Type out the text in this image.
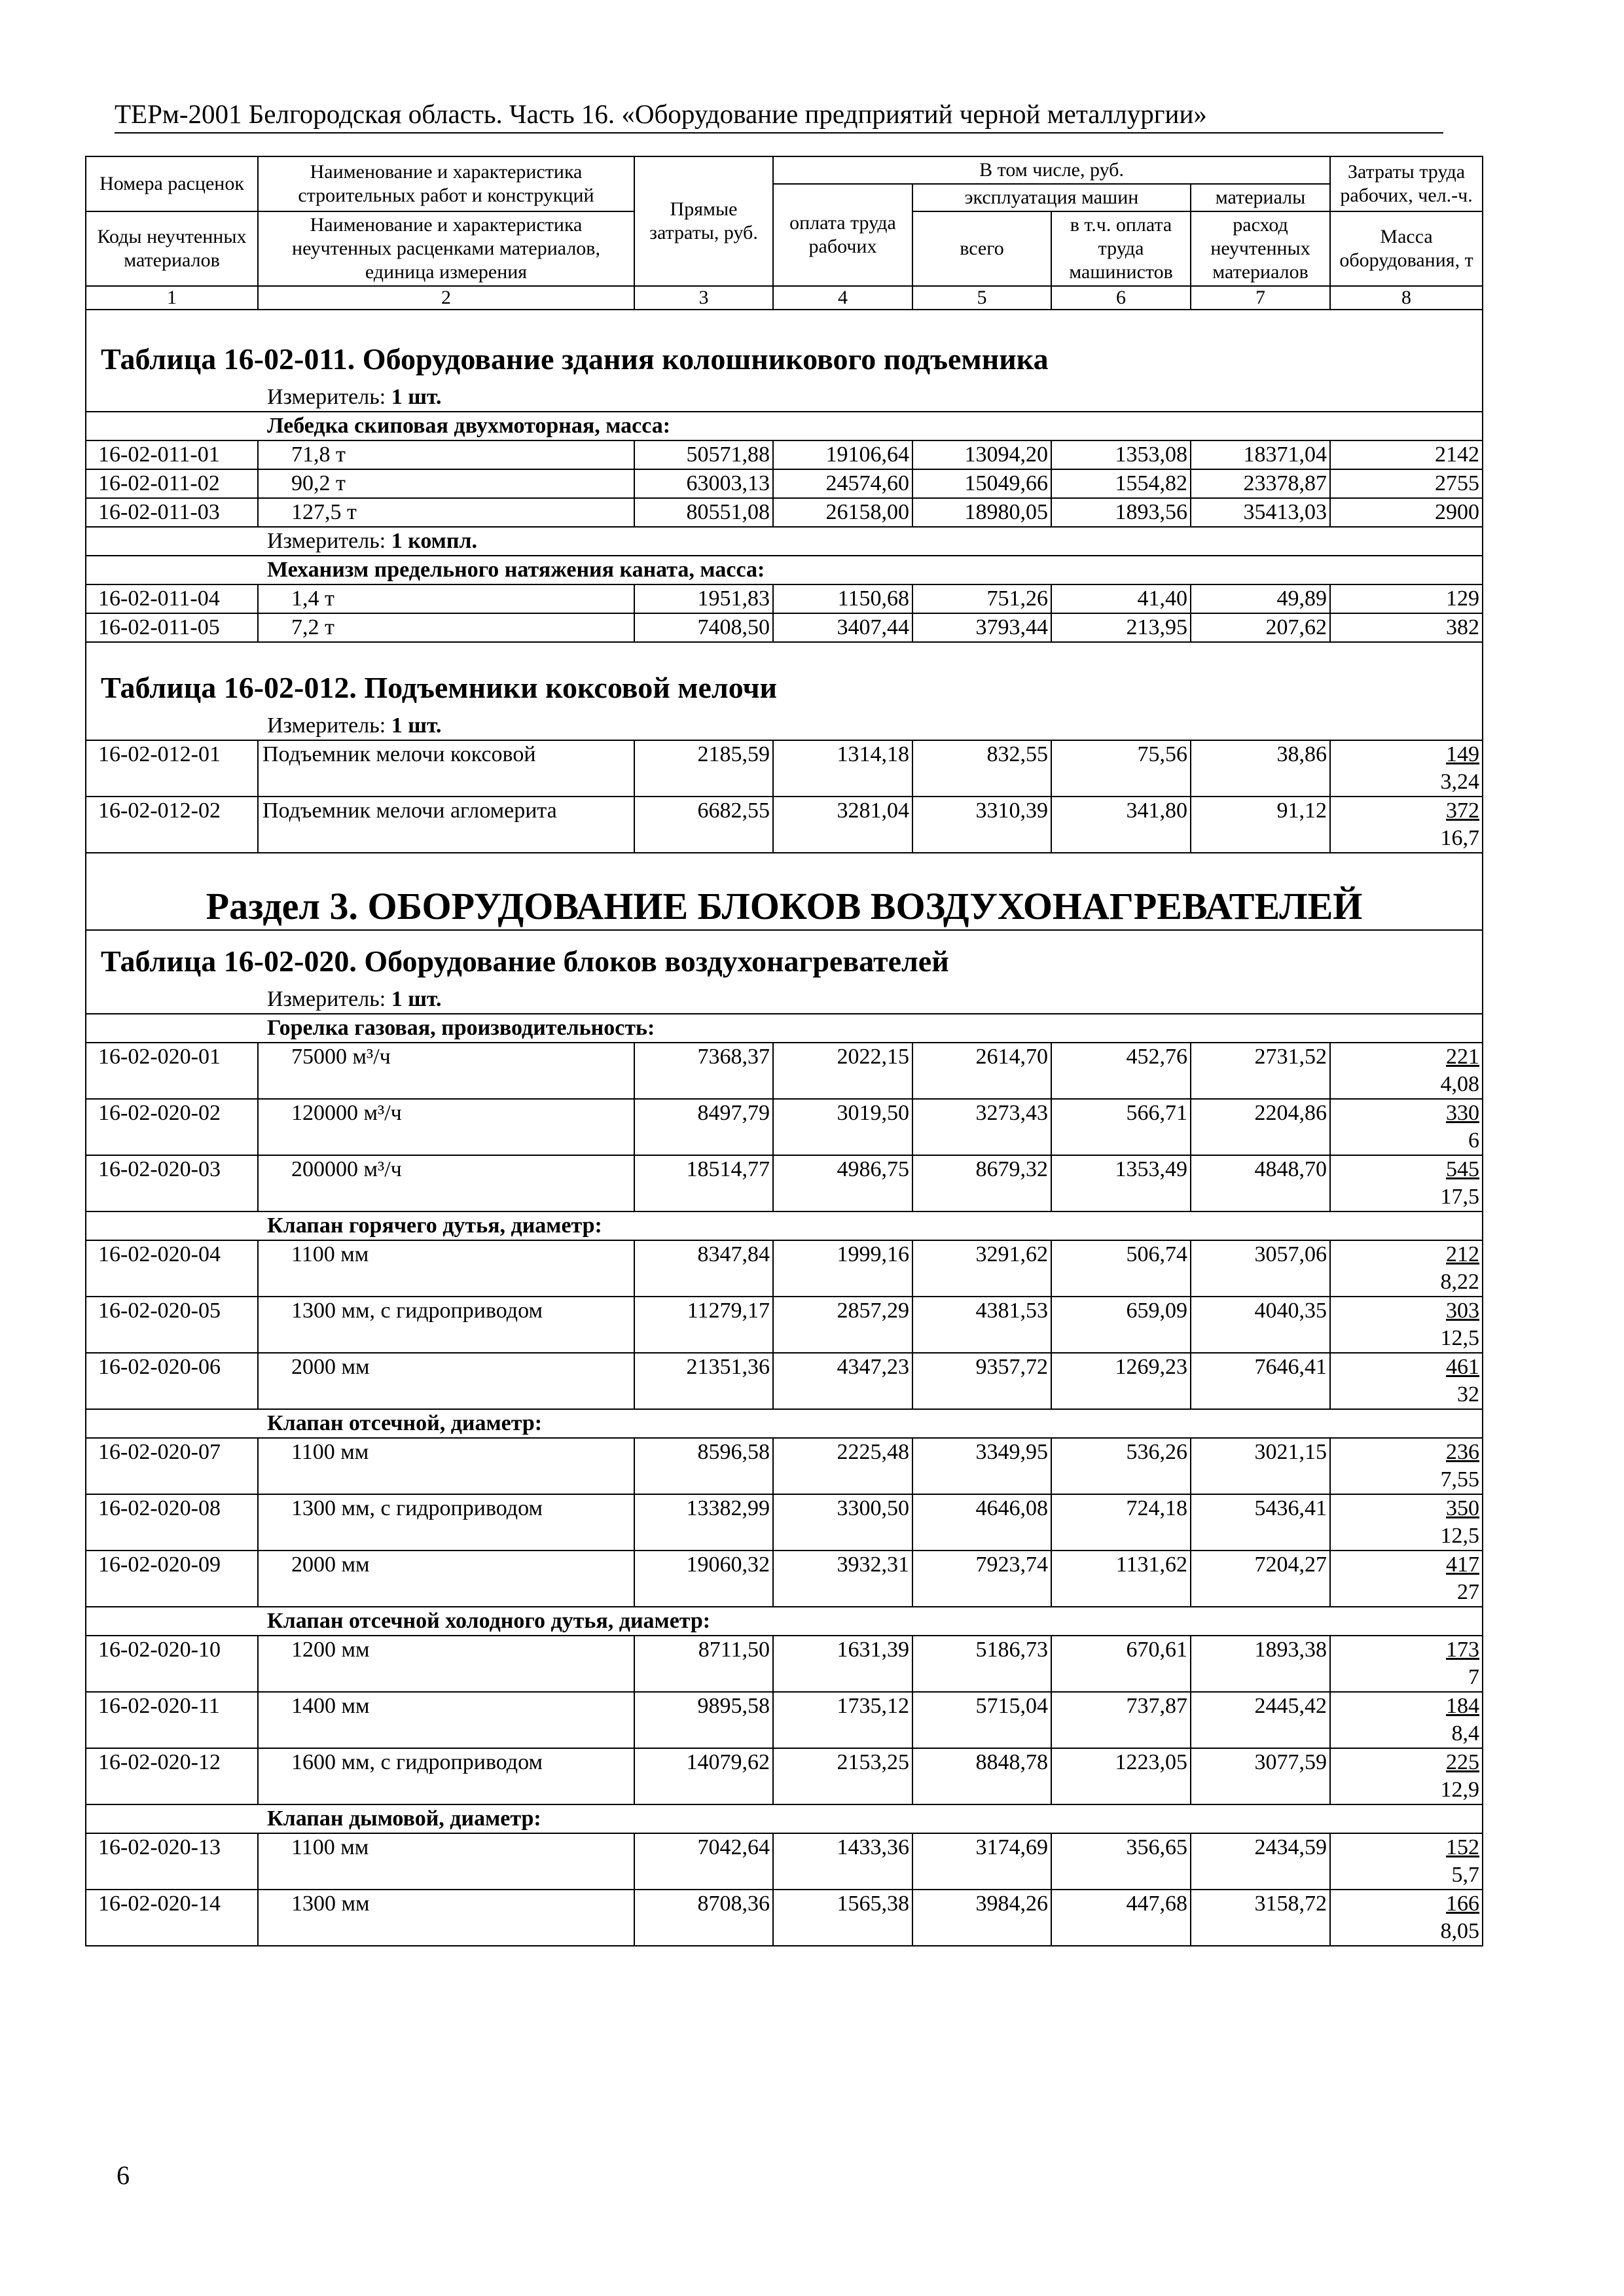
ТЕРм-2001 Белгородская область. Часть 16. «Оборудование предприятий черной металлургии»
Номера расценок	Наименование и характеристика строительных работ и конструкций	Прямые затраты, руб.	В том числе, руб.				Затраты труда рабочих, чел.-ч.
			оплата труда рабочих	эксплуатация машин		материалы	
Коды неучтенных материалов	Наименование и характеристика неучтенных расценками материалов, единица измерения			всего	в т.ч. оплата труда машинистов	расход неучтенных материалов	
							Масса оборудования, т
1	2	3	4	5	6	7	8
Таблица 16-02-011. Оборудование здания колошникового подъемника							
Измеритель: 1 шт.							
Лебедка скиповая двухмоторная, масса:							
16-02-011-01	71,8 т	50571,88	19106,64	13094,20	1353,08	18371,04	2142

16-02-011-02	90,2 т	63003,13	24574,60	15049,66	1554,82	23378,87	2755

16-02-011-03	127,5 т	80551,08	26158,00	18980,05	1893,56	35413,03	2900

Измеритель: 1 компл.							
Механизм предельного натяжения каната, масса:							
16-02-011-04	1,4 т	1951,83	1150,68	751,26	41,40	49,89	129

16-02-011-05	7,2 т	7408,50	3407,44	3793,44	213,95	207,62	382

Таблица 16-02-012. Подъемники коксовой мелочи							
Измеритель: 1 шт.							
16-02-012-01	Подъемник мелочи коксовой	2185,59	1314,18	832,55	75,56	38,86	149
3,24

16-02-012-02	Подъемник мелочи агломерита	6682,55	3281,04	3310,39	341,80	91,12	372
16,7

Раздел 3. ОБОРУДОВАНИЕ БЛОКОВ ВОЗДУХОНАГРЕВАТЕЛЕЙ							
Таблица 16-02-020. Оборудование блоков воздухонагревателей							
Измеритель: 1 шт.							
Горелка газовая, производительность:							
16-02-020-01	75000 м³/ч	7368,37	2022,15	2614,70	452,76	2731,52	221
4,08

16-02-020-02	120000 м³/ч	8497,79	3019,50	3273,43	566,71	2204,86	330
6

16-02-020-03	200000 м³/ч	18514,77	4986,75	8679,32	1353,49	4848,70	545
17,5

Клапан горячего дутья, диаметр:							
16-02-020-04	1100 мм	8347,84	1999,16	3291,62	506,74	3057,06	212
8,22

16-02-020-05	1300 мм, с гидроприводом	11279,17	2857,29	4381,53	659,09	4040,35	303
12,5

16-02-020-06	2000 мм	21351,36	4347,23	9357,72	1269,23	7646,41	461
32

Клапан отсечной, диаметр:							
16-02-020-07	1100 мм	8596,58	2225,48	3349,95	536,26	3021,15	236
7,55

16-02-020-08	1300 мм, с гидроприводом	13382,99	3300,50	4646,08	724,18	5436,41	350
12,5

16-02-020-09	2000 мм	19060,32	3932,31	7923,74	1131,62	7204,27	417
27

Клапан отсечной холодного дутья, диаметр:							
16-02-020-10	1200 мм	8711,50	1631,39	5186,73	670,61	1893,38	173
7

16-02-020-11	1400 мм	9895,58	1735,12	5715,04	737,87	2445,42	184
8,4

16-02-020-12	1600 мм, с гидроприводом	14079,62	2153,25	8848,78	1223,05	3077,59	225
12,9

Клапан дымовой, диаметр:							
16-02-020-13	1100 мм	7042,64	1433,36	3174,69	356,65	2434,59	152
5,7

16-02-020-14	1300 мм	8708,36	1565,38	3984,26	447,68	3158,72	166
8,05
6
